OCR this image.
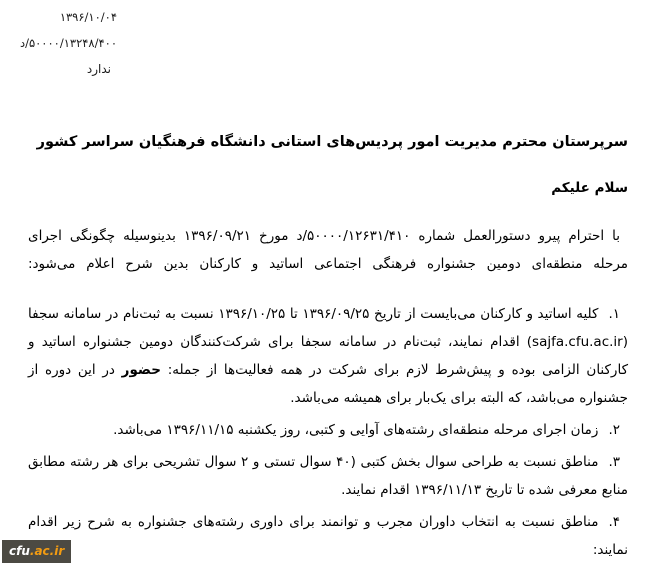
۱۳۹۶/۱۰/۰۴
۵۰۰۰۰/۱۳۲۴۸/۴۰۰/د
ندارد

سرپرستان محترم مدیریت امور پردیس‌های استانی دانشگاه فرهنگیان سراسر کشور

سلام علیکم

با احترام پیرو دستورالعمل شماره ۵۰۰۰۰/۱۲۶۳۱/۴۱۰/د مورخ ۱۳۹۶/۰۹/۲۱ بدینوسیله چگونگی اجرای مرحله منطقه‌ای دومین جشنواره فرهنگی اجتماعی اساتید و کارکنان بدین شرح اعلام می‌شود:

۱.کلیه اساتید و کارکنان می‌بایست از تاریخ ۱۳۹۶/۰۹/۲۵ تا ۱۳۹۶/۱۰/۲۵ نسبت به ثبت‌نام در سامانه سجفا (sajfa.cfu.ac.ir) اقدام نمایند، ثبت‌نام در سامانه سجفا برای شرکت‌کنندگان دومین جشنواره اساتید و کارکنان الزامی بوده و پیش‌شرط لازم برای شرکت در همه فعالیت‌ها از جمله: حضور در این دوره از جشنواره می‌باشد، که البته برای یک‌بار برای همیشه می‌باشد.

۲.زمان اجرای مرحله منطقه‌ای رشته‌های آوایی و کتبی، روز یکشنبه ۱۳۹۶/۱۱/۱۵ می‌باشد.

۳.مناطق نسبت به طراحی سوال بخش کتبی (۴۰ سوال تستی و ۲ سوال تشریحی برای هر رشته مطابق منابع معرفی شده تا تاریخ ۱۳۹۶/۱۱/۱۳ اقدام نمایند.

۴.مناطق نسبت به انتخاب داوران مجرب و توانمند برای داوری رشته‌های جشنواره به شرح زیر اقدام نمایند:

cfu.ac.ir
